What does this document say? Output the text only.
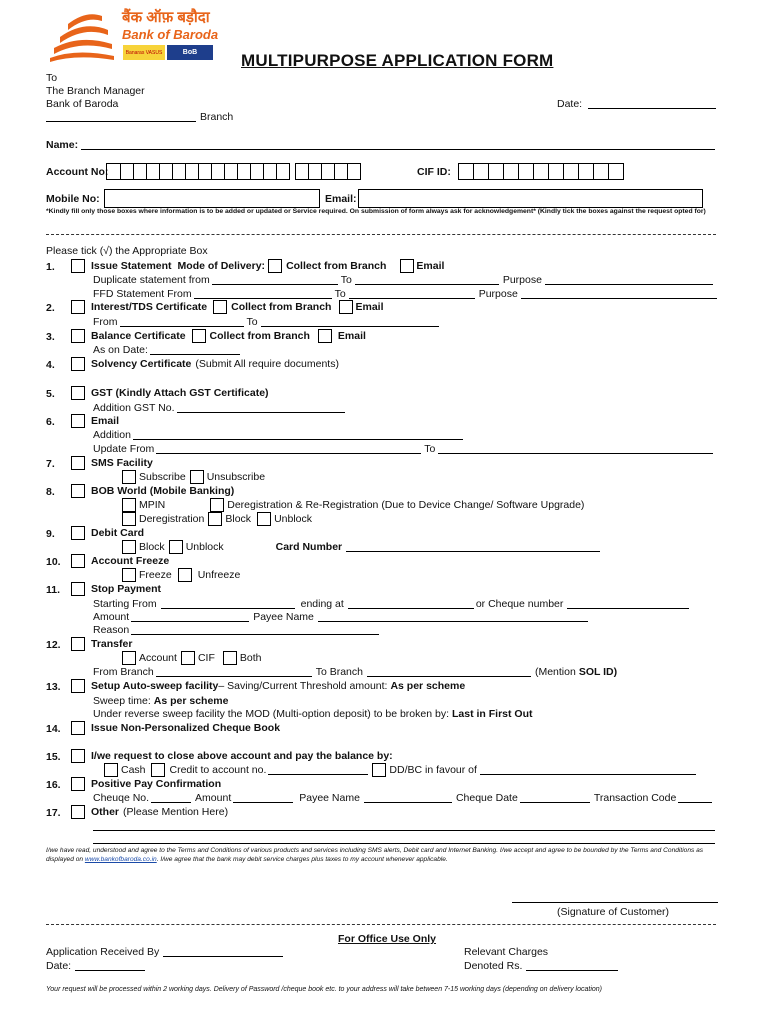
बैंक ऑफ़ बड़ौदा
Bank of Baroda
Banaras VASUS	BoB	MULTIPURPOSE APPLICATION FORM
To
The Branch Manager
Bank of Baroda
Branch
Date:
Name:
Account No:	CIF ID:
Mobile No:	Email:
*Kindly fill only those boxes where information is to be added or updated or Service required. On submission of form always ask for acknowledgement* (Kindly tick the boxes against the request opted for)
Please tick (√) the Appropriate Box
1.	Issue Statement Mode of Delivery: Collect from Branch	Email
Duplicate statement from	To	Purpose
FFD Statement From	To	Purpose
2.	Interest/TDS Certificate Collect from Branch Email
From	To
3.	Balance Certificate Collect from Branch	Email
As on Date:
4.	Solvency Certificate (Submit All require documents)
5.	GST (Kindly Attach GST Certificate)
Addition GST No.
6.	Email
Addition
Update From	To
7.	SMS Facility
Subscribe Unsubscribe
8.	BOB World (Mobile Banking)
MPIN	Deregistration & Re-Registration (Due to Device Change/ Software Upgrade)
Deregistration Block Unblock
9.	Debit Card
Block Unblock	Card Number
10.	Account Freeze
Freeze Unfreeze
11.	Stop Payment
Starting From	ending at	or Cheque number
Amount	Payee Name
Reason
12.	Transfer
Account CIF Both
From Branch	To Branch	(Mention SOL ID)
13.	Setup Auto-sweep facility – Saving/Current Threshold amount: As per scheme
Sweep time: As per scheme
Under reverse sweep facility the MOD (Multi-option deposit) to be broken by: Last in First Out
14.	Issue Non-Personalized Cheque Book
15.	I/we request to close above account and pay the balance by:
Cash Credit to account no.	DD/BC in favour of
16.	Positive Pay Confirmation
Cheuqe No.	Amount	Payee Name	Cheque Date	Transaction Code
17.	Other (Please Mention Here)
I/we have read, understood and agree to the Terms and Conditions of various products and services including SMS alerts, Debit card and Internet Banking. I/we accept and agree to be bounded by the Terms and Conditions as displayed on www.bankofbaroda.co.in. I/we agree that the bank may debit service charges plus taxes to my account whenever applicable.
(Signature of Customer)
For Office Use Only
Application Received By
Date:
Relevant Charges
Denoted Rs.
Your request will be processed within 2 working days. Delivery of Password /cheque book etc. to your address will take between 7-15 working days (depending on delivery location)
